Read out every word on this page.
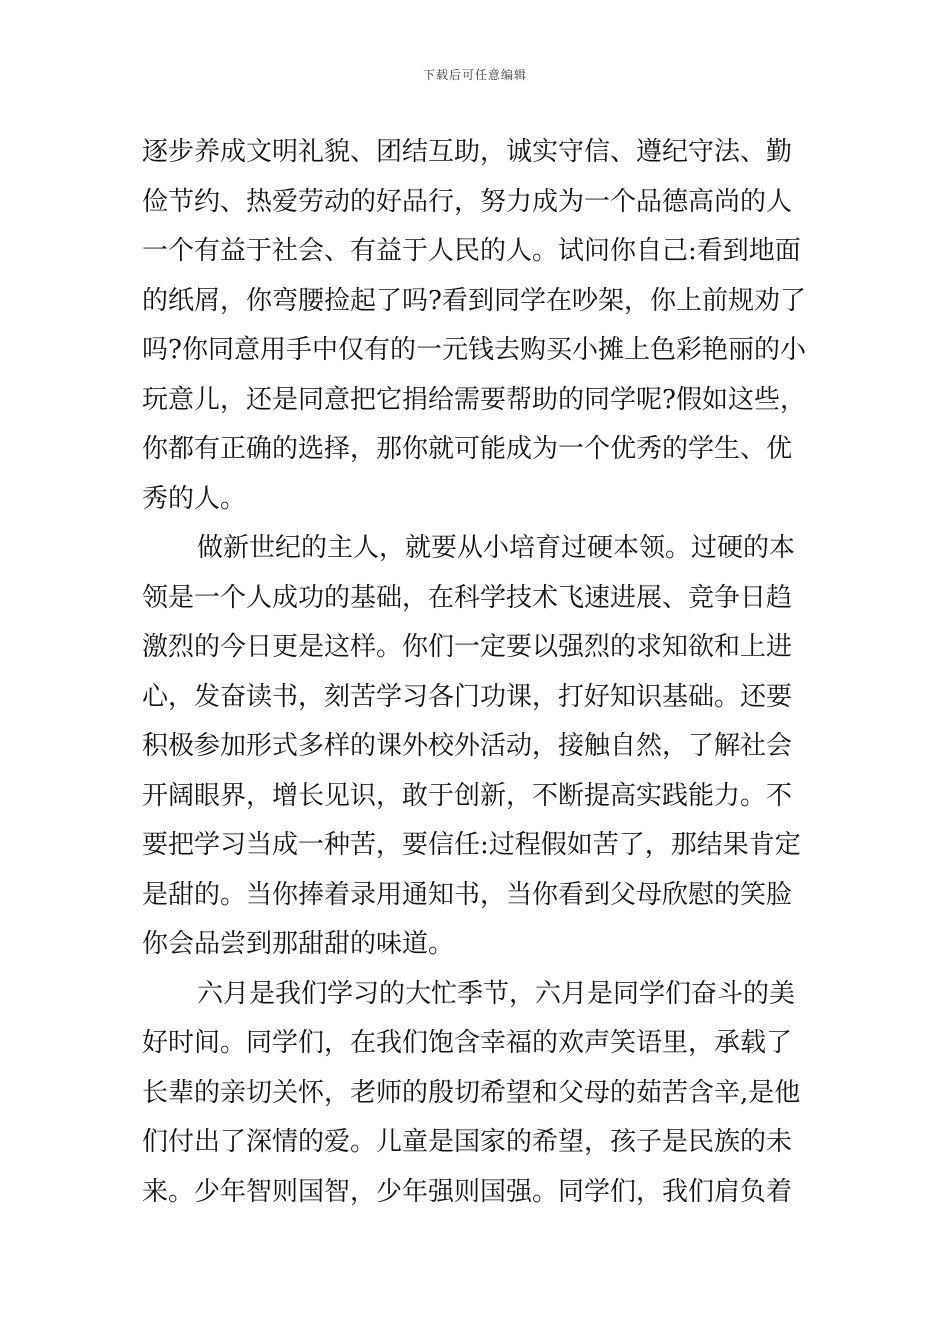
下载后可任意编辑
逐步养成文明礼貌、团结互助，诚实守信、遵纪守法、勤
俭节约、热爱劳动的好品行，努力成为一个品德高尚的人
一个有益于社会、有益于人民的人。试问你自己:看到地面
的纸屑，你弯腰捡起了吗?看到同学在吵架，你上前规劝了
吗?你同意用手中仅有的一元钱去购买小摊上色彩艳丽的小
玩意儿，还是同意把它捐给需要帮助的同学呢?假如这些，
你都有正确的选择，那你就可能成为一个优秀的学生、优
秀的人。
做新世纪的主人，就要从小培育过硬本领。过硬的本
领是一个人成功的基础，在科学技术飞速进展、竞争日趋
激烈的今日更是这样。你们一定要以强烈的求知欲和上进
心，发奋读书，刻苦学习各门功课，打好知识基础。还要
积极参加形式多样的课外校外活动，接触自然，了解社会
开阔眼界，增长见识，敢于创新，不断提高实践能力。不
要把学习当成一种苦，要信任:过程假如苦了，那结果肯定
是甜的。当你捧着录用通知书，当你看到父母欣慰的笑脸
你会品尝到那甜甜的味道。
六月是我们学习的大忙季节，六月是同学们奋斗的美
好时间。同学们，在我们饱含幸福的欢声笑语里，承载了
长辈的亲切关怀，老师的殷切希望和父母的茹苦含辛,是他
们付出了深情的爱。儿童是国家的希望，孩子是民族的未
来。少年智则国智，少年强则国强。同学们，我们肩负着
